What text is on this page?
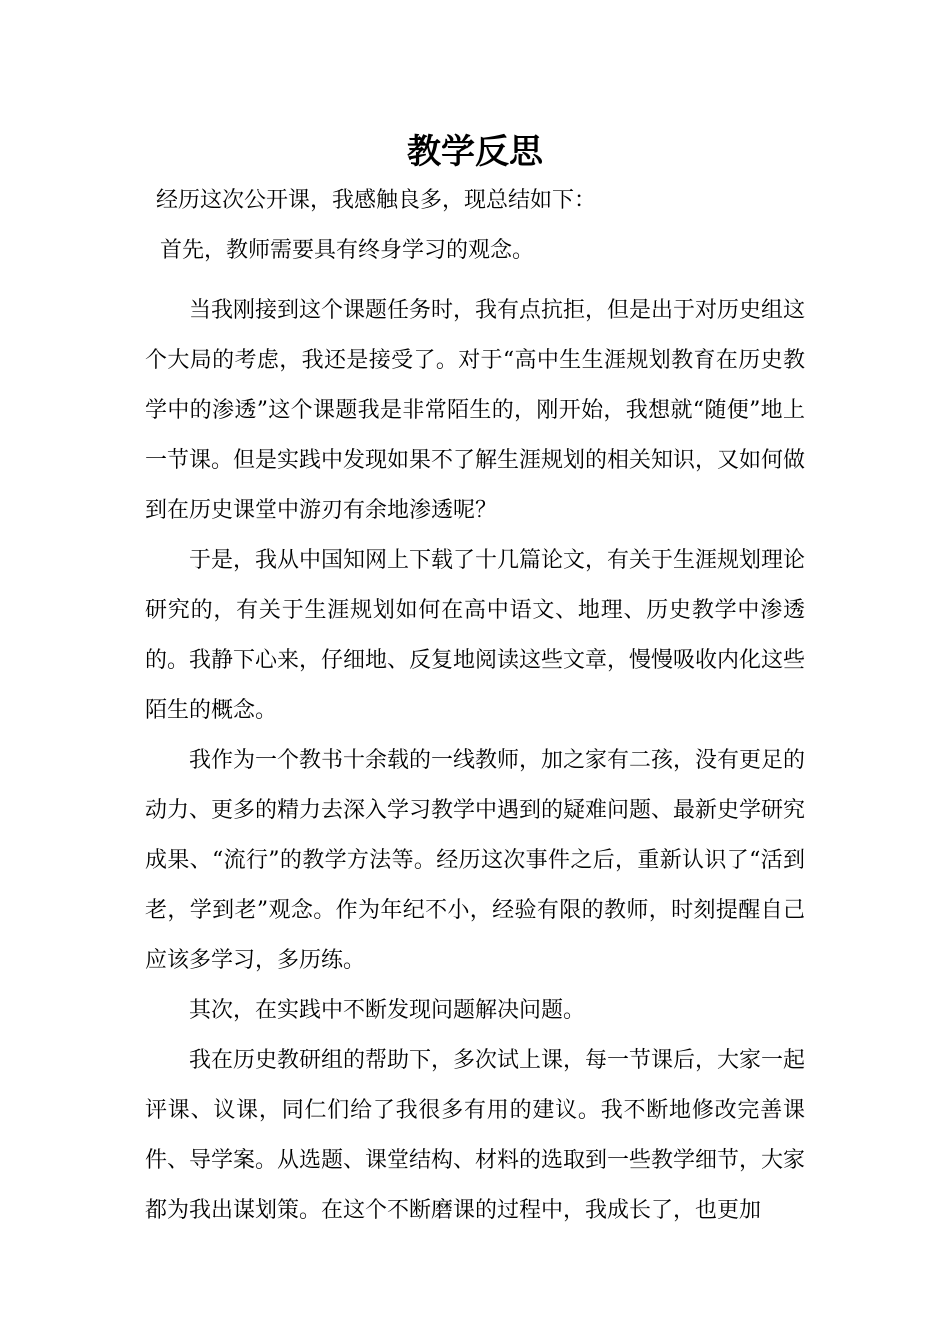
教学反思

经历这次公开课，我感触良多，现总结如下：

首先，教师需要具有终身学习的观念。

当我刚接到这个课题任务时，我有点抗拒，但是出于对历史组这个大局的考虑，我还是接受了。对于“高中生生涯规划教育在历史教学中的渗透”这个课题我是非常陌生的，刚开始，我想就“随便”地上一节课。但是实践中发现如果不了解生涯规划的相关知识，又如何做到在历史课堂中游刃有余地渗透呢？

于是，我从中国知网上下载了十几篇论文，有关于生涯规划理论研究的，有关于生涯规划如何在高中语文、地理、历史教学中渗透的。我静下心来，仔细地、反复地阅读这些文章，慢慢吸收内化这些陌生的概念。

我作为一个教书十余载的一线教师，加之家有二孩，没有更足的动力、更多的精力去深入学习教学中遇到的疑难问题、最新史学研究成果、“流行”的教学方法等。经历这次事件之后，重新认识了“活到老，学到老”观念。作为年纪不小，经验有限的教师，时刻提醒自己应该多学习，多历练。

其次，在实践中不断发现问题解决问题。

我在历史教研组的帮助下，多次试上课，每一节课后，大家一起评课、议课，同仁们给了我很多有用的建议。我不断地修改完善课件、导学案。从选题、课堂结构、材料的选取到一些教学细节，大家都为我出谋划策。在这个不断磨课的过程中，我成长了，也更加
